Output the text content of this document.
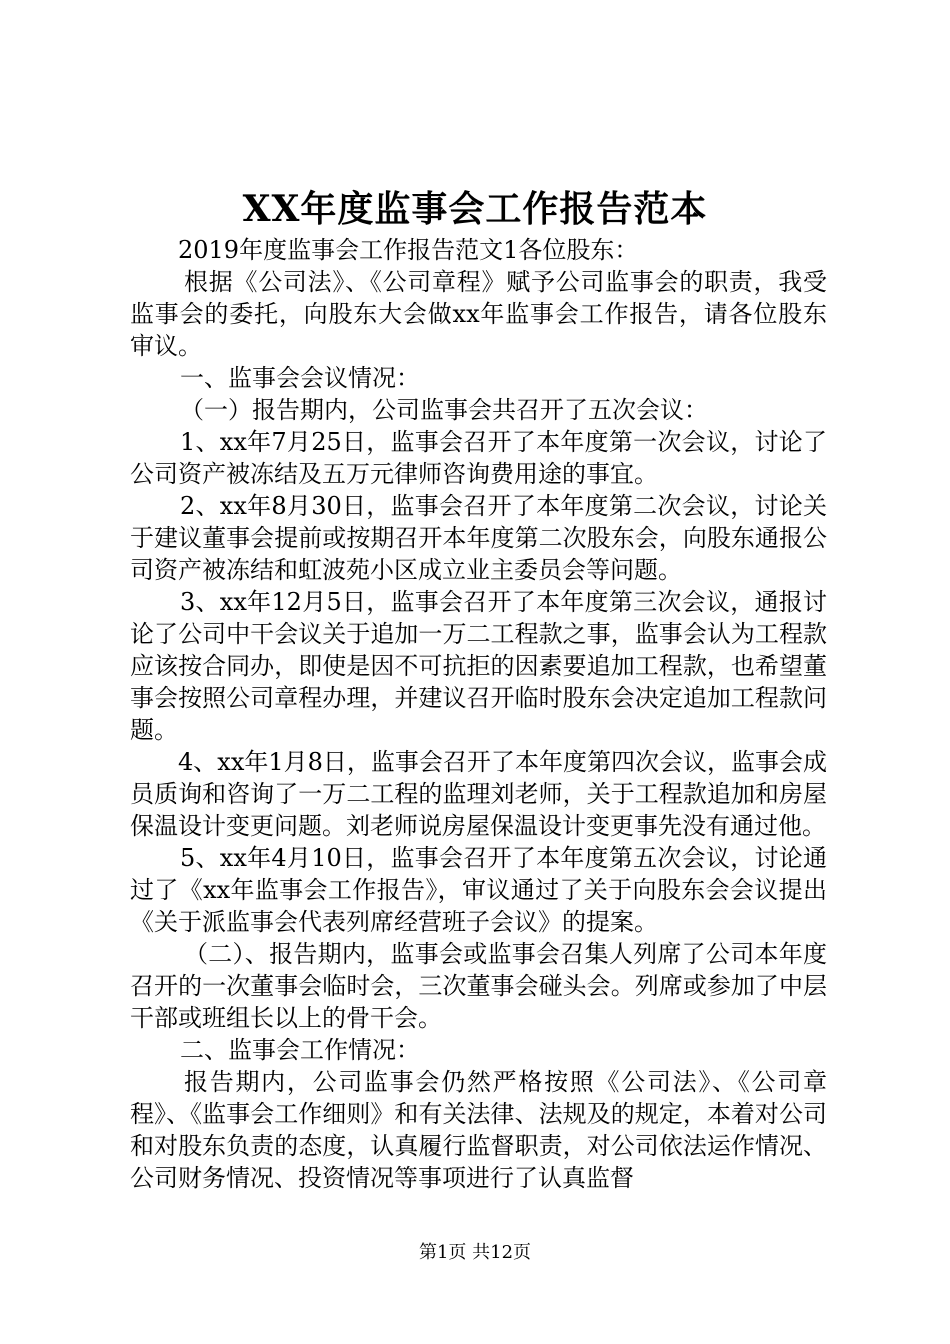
XX年度监事会工作报告范本

2019年度监事会工作报告范文1各位股东：

根据《公司法》、《公司章程》赋予公司监事会的职责，我受监事会的委托，向股东大会做xx年监事会工作报告，请各位股东审议。

一、监事会会议情况：

（一）报告期内，公司监事会共召开了五次会议：

1、xx年7月25日，监事会召开了本年度第一次会议，讨论了公司资产被冻结及五万元律师咨询费用途的事宜。

2、xx年8月30日，监事会召开了本年度第二次会议，讨论关于建议董事会提前或按期召开本年度第二次股东会，向股东通报公司资产被冻结和虹波苑小区成立业主委员会等问题。

3、xx年12月5日，监事会召开了本年度第三次会议，通报讨论了公司中干会议关于追加一万二工程款之事，监事会认为工程款应该按合同办，即使是因不可抗拒的因素要追加工程款，也希望董事会按照公司章程办理，并建议召开临时股东会决定追加工程款问题。

4、xx年1月8日，监事会召开了本年度第四次会议，监事会成员质询和咨询了一万二工程的监理刘老师，关于工程款追加和房屋保温设计变更问题。刘老师说房屋保温设计变更事先没有通过他。

5、xx年4月10日，监事会召开了本年度第五次会议，讨论通过了《xx年监事会工作报告》，审议通过了关于向股东会会议提出《关于派监事会代表列席经营班子会议》的提案。

（二）、报告期内，监事会或监事会召集人列席了公司本年度召开的一次董事会临时会，三次董事会碰头会。列席或参加了中层干部或班组长以上的骨干会。

二、监事会工作情况：

报告期内，公司监事会仍然严格按照《公司法》、《公司章程》、《监事会工作细则》和有关法律、法规及的规定，本着对公司和对股东负责的态度，认真履行监督职责，对公司依法运作情况、公司财务情况、投资情况等事项进行了认真监督

第1页 共12页
